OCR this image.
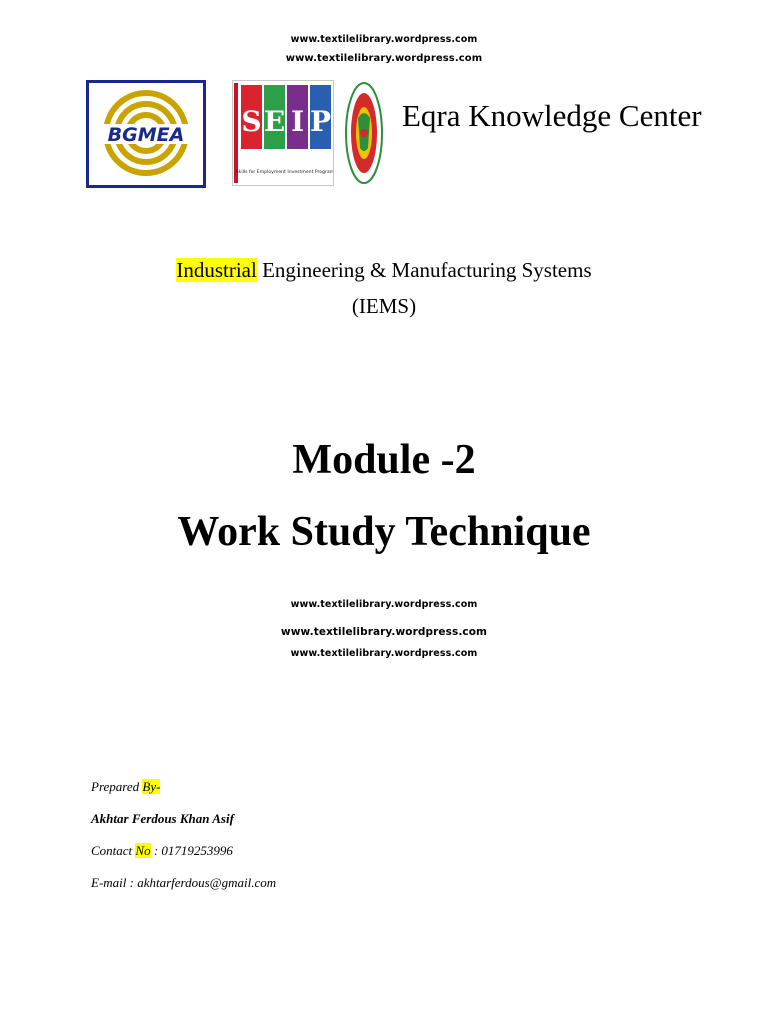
www.textilelibrary.wordpress.com
www.textilelibrary.wordpress.com
BGMEA S E I P
Skills for Employment Investment Program
Eqra Knowledge Center
Industrial Engineering & Manufacturing Systems
(IEMS)
Module -2
Work Study Technique
www.textilelibrary.wordpress.com
www.textilelibrary.wordpress.com
www.textilelibrary.wordpress.com
Prepared By-
Akhtar Ferdous Khan Asif
Contact No : 01719253996
E-mail : akhtarferdous@gmail.com
